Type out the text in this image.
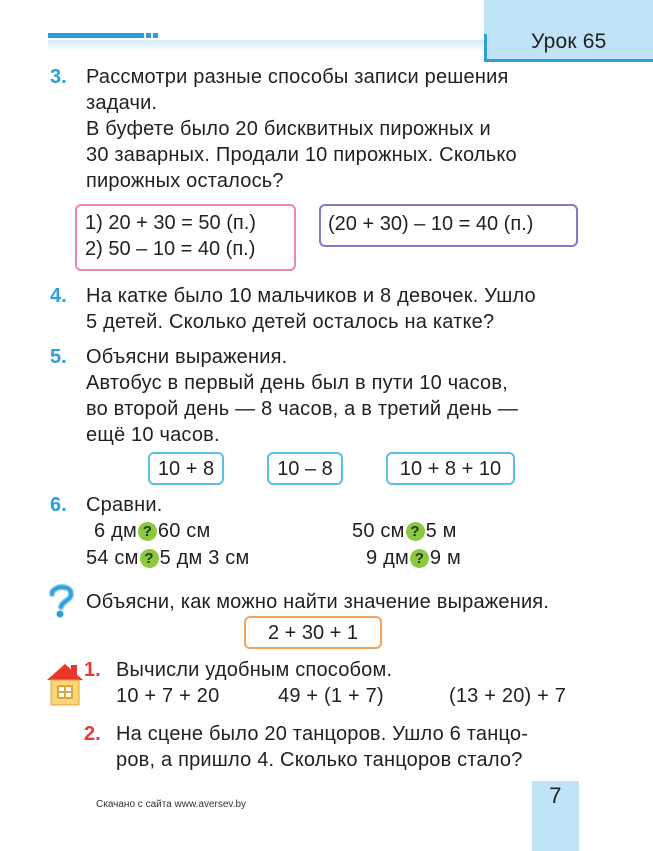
Урок 65
3. Рассмотри разные способы записи решения
задачи.
В буфете было 20 бисквитных пирожных и
30 заварных. Продали 10 пирожных. Сколько
пирожных осталось?
1) 20 + 30 = 50 (п.)
2) 50 – 10 = 40 (п.)
(20 + 30) – 10 = 40 (п.)
4. На катке было 10 мальчиков и 8 девочек. Ушло
5 детей. Сколько детей осталось на катке?
5. Объясни выражения.
Автобус в первый день был в пути 10 часов,
во второй день — 8 часов, а в третий день —
ещё 10 часов.
10 + 8	10 – 8	10 + 8 + 10
6. Сравни.
6 дм ? 60 см	50 см ? 5 м
54 см ? 5 дм 3 см	9 дм ? 9 м
Объясни, как можно найти значение выражения.
2 + 30 + 1
1. Вычисли удобным способом.
10 + 7 + 20	49 + (1 + 7)	(13 + 20) + 7
2. На сцене было 20 танцоров. Ушло 6 танцо-
ров, а пришло 4. Сколько танцоров стало?
Скачано с сайта www.aversev.by	7
